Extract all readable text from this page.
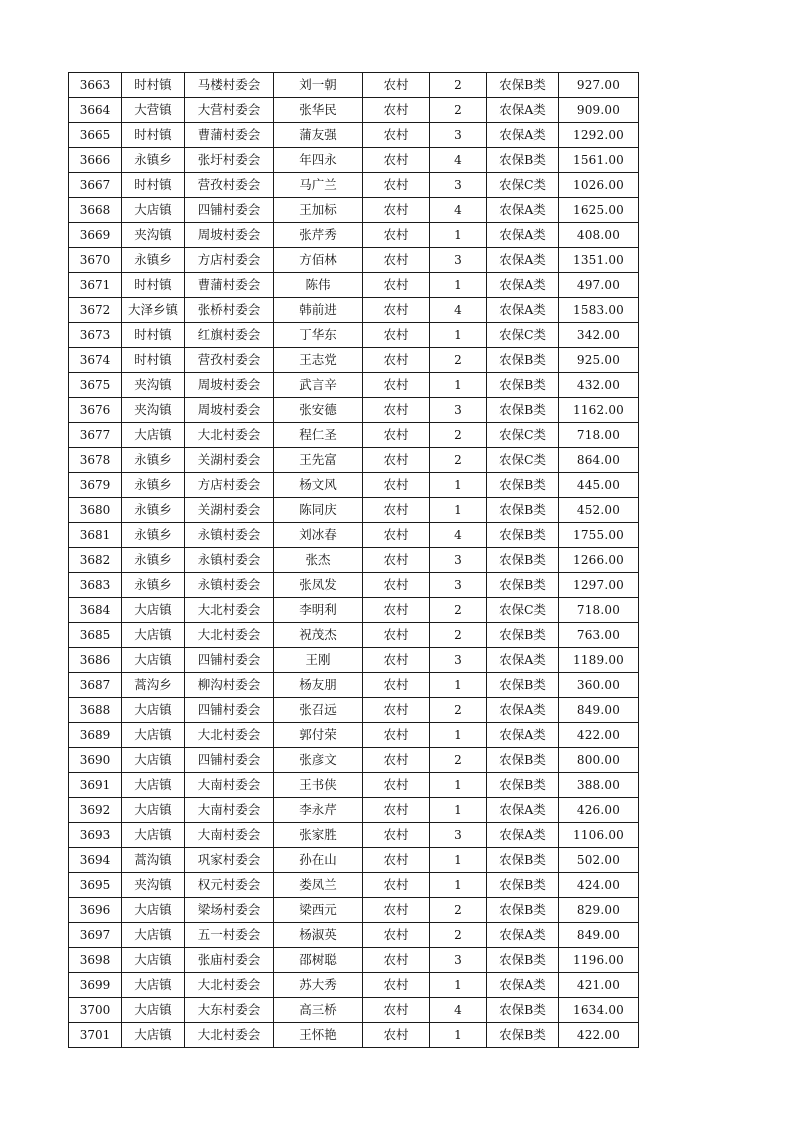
3663	时村镇	马楼村委会	刘一朝	农村	2	农保B类	927.00
3664	大营镇	大营村委会	张华民	农村	2	农保A类	909.00
3665	时村镇	曹蒲村委会	蒲友强	农村	3	农保A类	1292.00
3666	永镇乡	张圩村委会	年四永	农村	4	农保B类	1561.00
3667	时村镇	营孜村委会	马广兰	农村	3	农保C类	1026.00
3668	大店镇	四铺村委会	王加标	农村	4	农保A类	1625.00
3669	夹沟镇	周坡村委会	张芹秀	农村	1	农保A类	408.00
3670	永镇乡	方店村委会	方佰林	农村	3	农保A类	1351.00
3671	时村镇	曹蒲村委会	陈伟	农村	1	农保A类	497.00
3672	大泽乡镇	张桥村委会	韩前进	农村	4	农保A类	1583.00
3673	时村镇	红旗村委会	丁华东	农村	1	农保C类	342.00
3674	时村镇	营孜村委会	王志党	农村	2	农保B类	925.00
3675	夹沟镇	周坡村委会	武言辛	农村	1	农保B类	432.00
3676	夹沟镇	周坡村委会	张安德	农村	3	农保B类	1162.00
3677	大店镇	大北村委会	程仁圣	农村	2	农保C类	718.00
3678	永镇乡	关湖村委会	王先富	农村	2	农保C类	864.00
3679	永镇乡	方店村委会	杨文风	农村	1	农保B类	445.00
3680	永镇乡	关湖村委会	陈同庆	农村	1	农保B类	452.00
3681	永镇乡	永镇村委会	刘冰春	农村	4	农保B类	1755.00
3682	永镇乡	永镇村委会	张杰	农村	3	农保B类	1266.00
3683	永镇乡	永镇村委会	张凤发	农村	3	农保B类	1297.00
3684	大店镇	大北村委会	李明利	农村	2	农保C类	718.00
3685	大店镇	大北村委会	祝茂杰	农村	2	农保B类	763.00
3686	大店镇	四铺村委会	王刚	农村	3	农保A类	1189.00
3687	蒿沟乡	柳沟村委会	杨友朋	农村	1	农保B类	360.00
3688	大店镇	四铺村委会	张召远	农村	2	农保A类	849.00
3689	大店镇	大北村委会	郭付荣	农村	1	农保A类	422.00
3690	大店镇	四铺村委会	张彦文	农村	2	农保B类	800.00
3691	大店镇	大南村委会	王书侠	农村	1	农保B类	388.00
3692	大店镇	大南村委会	李永芹	农村	1	农保A类	426.00
3693	大店镇	大南村委会	张家胜	农村	3	农保A类	1106.00
3694	蒿沟镇	巩家村委会	孙在山	农村	1	农保B类	502.00
3695	夹沟镇	权元村委会	娄凤兰	农村	1	农保B类	424.00
3696	大店镇	梁场村委会	梁西元	农村	2	农保B类	829.00
3697	大店镇	五一村委会	杨淑英	农村	2	农保A类	849.00
3698	大店镇	张庙村委会	邵树聪	农村	3	农保B类	1196.00
3699	大店镇	大北村委会	苏大秀	农村	1	农保A类	421.00
3700	大店镇	大东村委会	高三桥	农村	4	农保B类	1634.00
3701	大店镇	大北村委会	王怀艳	农村	1	农保B类	422.00
